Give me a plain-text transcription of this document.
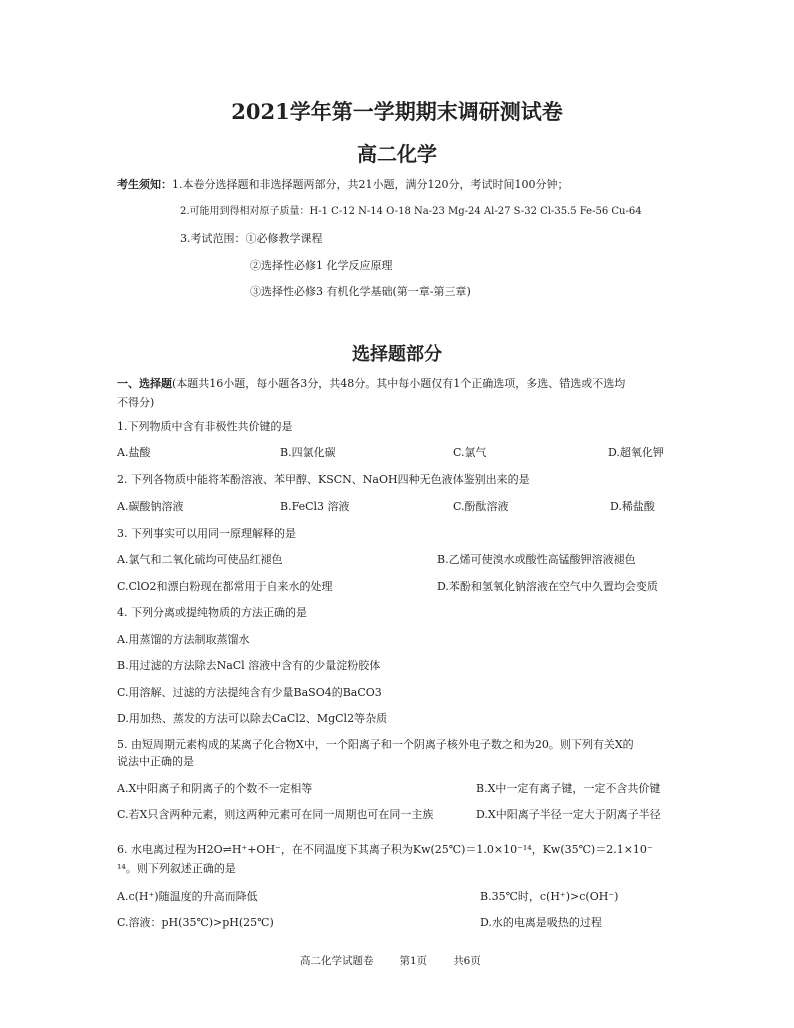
2021学年第一学期期末调研测试卷
高二化学
考生须知：1.本卷分选择题和非选择题两部分，共21小题，满分120分，考试时间100分钟；
2.可能用到得相对原子质量：H-1 C-12 N-14 O-18 Na-23 Mg-24 Al-27 S-32 Cl-35.5 Fe-56 Cu-64
3.考试范围：①必修教学课程
②选择性必修1 化学反应原理
③选择性必修3 有机化学基础(第一章-第三章)
选择题部分
一、选择题(本题共16小题，每小题各3分，共48分。其中每小题仅有1个正确选项，多选、错选或不选均
不得分)
1.下列物质中含有非极性共价键的是
A.盐酸	B.四氯化碳	C.氯气	D.超氧化钾
2. 下列各物质中能将苯酚溶液、苯甲醇、KSCN、NaOH四种无色液体鉴别出来的是
A.碳酸钠溶液	B.FeCl3 溶液	C.酚酞溶液	D.稀盐酸
3. 下列事实可以用同一原理解释的是
A.氯气和二氧化硫均可使品红褪色	B.乙烯可使溴水或酸性高锰酸钾溶液褪色
C.ClO2和漂白粉现在都常用于自来水的处理	D.苯酚和氢氧化钠溶液在空气中久置均会变质
4. 下列分离或提纯物质的方法正确的是
A.用蒸馏的方法制取蒸馏水
B.用过滤的方法除去NaCl 溶液中含有的少量淀粉胶体
C.用溶解、过滤的方法提纯含有少量BaSO4的BaCO3
D.用加热、蒸发的方法可以除去CaCl2、MgCl2等杂质
5. 由短周期元素构成的某离子化合物X中，一个阳离子和一个阴离子核外电子数之和为20。则下列有关X的
说法中正确的是
A.X中阳离子和阴离子的个数不一定相等	B.X中一定有离子键，一定不含共价键
C.若X只含两种元素，则这两种元素可在同一周期也可在同一主族	D.X中阳离子半径一定大于阴离子半径
6. 水电离过程为H2O⇌H⁺+OH⁻，在不同温度下其离子积为Kw(25℃)＝1.0×10⁻¹⁴，Kw(35℃)＝2.1×10⁻
¹⁴。则下列叙述正确的是
A.c(H⁺)随温度的升高而降低	B.35℃时，c(H⁺)>c(OH⁻)
C.溶液：pH(35℃)>pH(25℃)	D.水的电离是吸热的过程
高二化学试题卷 第1页 共6页
